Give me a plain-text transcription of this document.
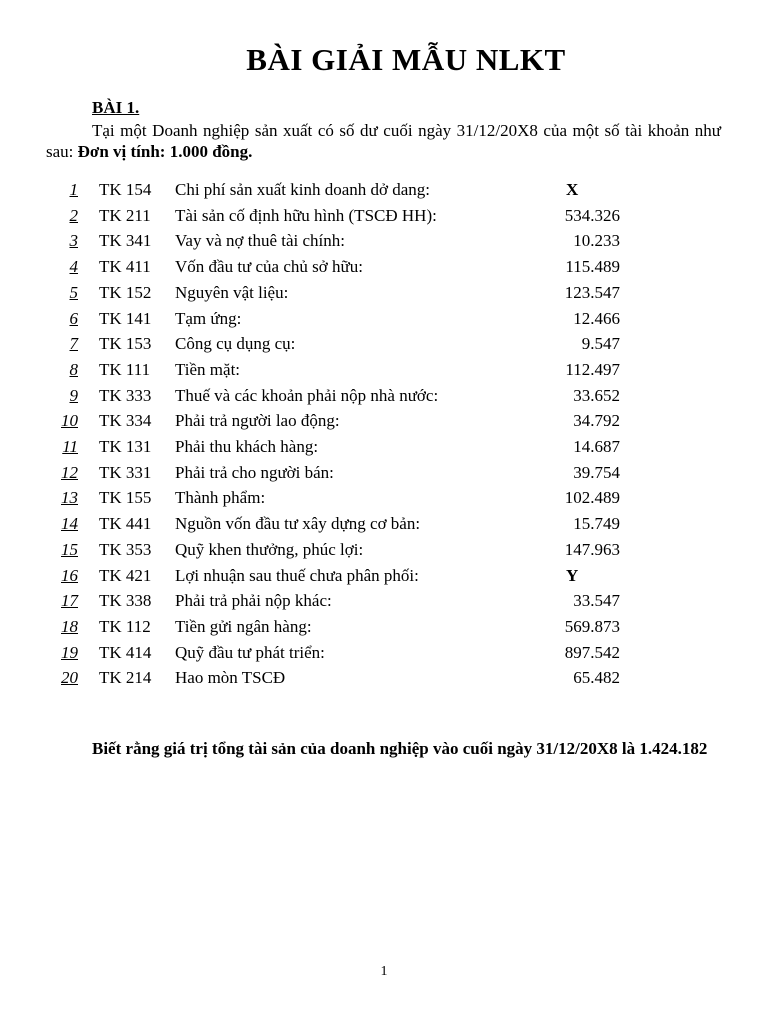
BÀI GIẢI MẪU NLKT
BÀI 1.
Tại một Doanh nghiệp sản xuất có số dư cuối ngày 31/12/20X8 của một số tài khoản như sau: Đơn vị tính: 1.000 đồng.
1 TK 154 Chi phí sản xuất kinh doanh dở dang:	X
2 TK 211 Tài sản cố định hữu hình (TSCĐ HH):	534.326
3 TK 341 Vay và nợ thuê tài chính:	10.233
4 TK 411 Vốn đầu tư của chủ sở hữu:	115.489
5 TK 152 Nguyên vật liệu:	123.547
6 TK 141 Tạm ứng:	12.466
7 TK 153 Công cụ dụng cụ:	9.547
8 TK 111 Tiền mặt:	112.497
9 TK 333 Thuế và các khoản phải nộp nhà nước:	33.652
10 TK 334 Phải trả người lao động:	34.792
11 TK 131 Phải thu khách hàng:	14.687
12 TK 331 Phải trả cho người bán:	39.754
13 TK 155 Thành phẩm:	102.489
14 TK 441 Nguồn vốn đầu tư xây dựng cơ bản:	15.749
15 TK 353 Quỹ khen thưởng, phúc lợi:	147.963
16 TK 421 Lợi nhuận sau thuế chưa phân phối:	Y
17 TK 338 Phải trả phải nộp khác:	33.547
18 TK 112 Tiền gửi ngân hàng:	569.873
19 TK 414 Quỹ đầu tư phát triển:	897.542
20 TK 214 Hao mòn TSCĐ	65.482
Biết rằng giá trị tổng tài sản của doanh nghiệp vào cuối ngày 31/12/20X8 là 1.424.182
1
